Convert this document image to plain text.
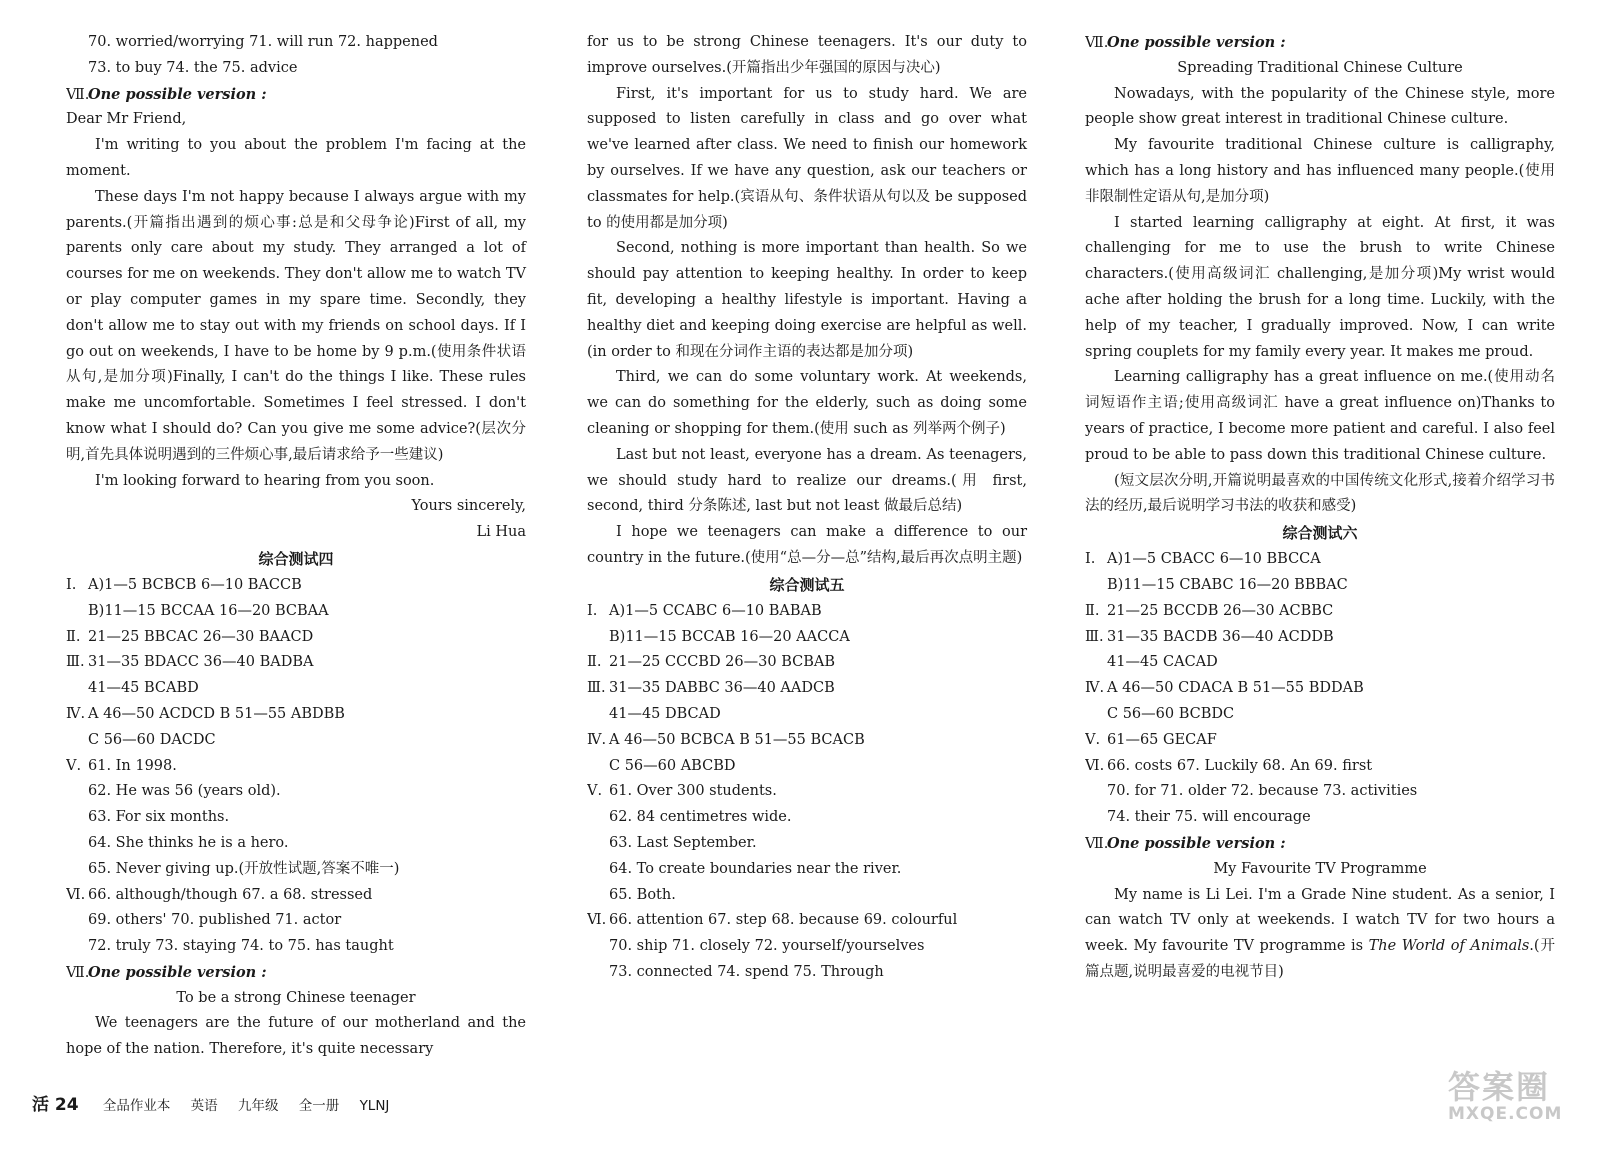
70. worried/worrying 71. will run 72. happened
73. to buy 74. the 75. advice
Ⅶ.One possible version :
Dear Mr Friend,
I'm writing to you about the problem I'm facing at the moment.
These days I'm not happy because I always argue with my parents.(开篇指出遇到的烦心事:总是和父母争论)First of all, my parents only care about my study. They arranged a lot of courses for me on weekends. They don't allow me to watch TV or play computer games in my spare time. Secondly, they don't allow me to stay out with my friends on school days. If I go out on weekends, I have to be home by 9 p.m.(使用条件状语从句,是加分项)Finally, I can't do the things I like. These rules make me uncomfortable. Sometimes I feel stressed. I don't know what I should do? Can you give me some advice?(层次分明,首先具体说明遇到的三件烦心事,最后请求给予一些建议)
I'm looking forward to hearing from you soon.
Yours sincerely,
Li Hua
综合测试四
Ⅰ. A)1—5 BCBCB 6—10 BACCB
B)11—15 BCCAA 16—20 BCBAA
Ⅱ. 21—25 BBCAC 26—30 BAACD
Ⅲ. 31—35 BDACC 36—40 BADBA
41—45 BCABD
Ⅳ. A 46—50 ACDCD B 51—55 ABDBB
C 56—60 DACDC
Ⅴ. 61. In 1998.
62. He was 56 (years old).
63. For six months.
64. She thinks he is a hero.
65. Never giving up.(开放性试题,答案不唯一)
Ⅵ. 66. although/though 67. a 68. stressed
69. others' 70. published 71. actor
72. truly 73. staying 74. to 75. has taught
Ⅶ.One possible version :
To be a strong Chinese teenager
We teenagers are the future of our motherland and the hope of the nation. Therefore, it's quite necessary
for us to be strong Chinese teenagers. It's our duty to improve ourselves.(开篇指出少年强国的原因与决心)
First, it's important for us to study hard. We are supposed to listen carefully in class and go over what we've learned after class. We need to finish our homework by ourselves. If we have any question, ask our teachers or classmates for help.(宾语从句、条件状语从句以及 be supposed to 的使用都是加分项)
Second, nothing is more important than health. So we should pay attention to keeping healthy. In order to keep fit, developing a healthy lifestyle is important. Having a healthy diet and keeping doing exercise are helpful as well.(in order to 和现在分词作主语的表达都是加分项)
Third, we can do some voluntary work. At weekends, we can do something for the elderly, such as doing some cleaning or shopping for them.(使用 such as 列举两个例子)
Last but not least, everyone has a dream. As teenagers, we should study hard to realize our dreams.(用 first, second, third 分条陈述, last but not least 做最后总结)
I hope we teenagers can make a difference to our country in the future.(使用“总—分—总”结构,最后再次点明主题)
综合测试五
Ⅰ. A)1—5 CCABC 6—10 BABAB
B)11—15 BCCAB 16—20 AACCA
Ⅱ. 21—25 CCCBD 26—30 BCBAB
Ⅲ. 31—35 DABBC 36—40 AADCB
41—45 DBCAD
Ⅳ. A 46—50 BCBCA B 51—55 BCACB
C 56—60 ABCBD
Ⅴ. 61. Over 300 students.
62. 84 centimetres wide.
63. Last September.
64. To create boundaries near the river.
65. Both.
Ⅵ. 66. attention 67. step 68. because 69. colourful
70. ship 71. closely 72. yourself/yourselves
73. connected 74. spend 75. Through
Ⅶ.One possible version :
Spreading Traditional Chinese Culture
Nowadays, with the popularity of the Chinese style, more people show great interest in traditional Chinese culture.
My favourite traditional Chinese culture is calligraphy, which has a long history and has influenced many people.(使用非限制性定语从句,是加分项)
I started learning calligraphy at eight. At first, it was challenging for me to use the brush to write Chinese characters.(使用高级词汇 challenging,是加分项)My wrist would ache after holding the brush for a long time. Luckily, with the help of my teacher, I gradually improved. Now, I can write spring couplets for my family every year. It makes me proud.
Learning calligraphy has a great influence on me.(使用动名词短语作主语;使用高级词汇 have a great influence on)Thanks to years of practice, I become more patient and careful. I also feel proud to be able to pass down this traditional Chinese culture.
(短文层次分明,开篇说明最喜欢的中国传统文化形式,接着介绍学习书法的经历,最后说明学习书法的收获和感受)
综合测试六
Ⅰ. A)1—5 CBACC 6—10 BBCCA
B)11—15 CBABC 16—20 BBBAC
Ⅱ. 21—25 BCCDB 26—30 ACBBC
Ⅲ. 31—35 BACDB 36—40 ACDDB
41—45 CACAD
Ⅳ. A 46—50 CDACA B 51—55 BDDAB
C 56—60 BCBDC
Ⅴ. 61—65 GECAF
Ⅵ. 66. costs 67. Luckily 68. An 69. first
70. for 71. older 72. because 73. activities
74. their 75. will encourage
Ⅶ.One possible version :
My Favourite TV Programme
My name is Li Lei. I'm a Grade Nine student. As a senior, I can watch TV only at weekends. I watch TV for two hours a week. My favourite TV programme is The World of Animals.(开篇点题,说明最喜爱的电视节目)
活 24 全品作业本 英语 九年级 全一册 YLNJ	答案圈
MXQE.COM
